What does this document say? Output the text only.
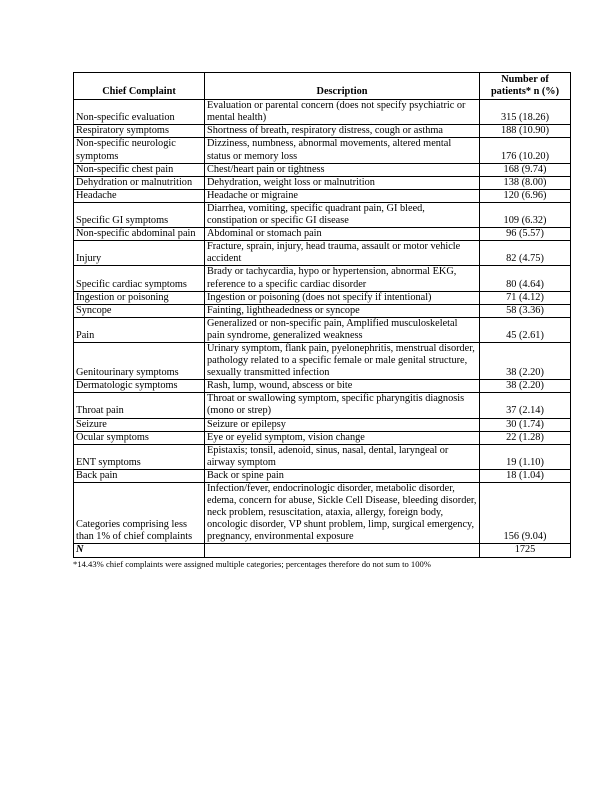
Chief Complaint	Description	Number of patients* n (%)
Non-specific evaluation	Evaluation or parental concern (does not specify psychiatric or mental health)	315 (18.26)
Respiratory symptoms	Shortness of breath, respiratory distress, cough or asthma	188 (10.90)
Non-specific neurologic symptoms	Dizziness, numbness, abnormal movements, altered mental status or memory loss	176 (10.20)
Non-specific chest pain	Chest/heart pain or tightness	168 (9.74)
Dehydration or malnutrition	Dehydration, weight loss or malnutrition	138 (8.00)
Headache	Headache or migraine	120 (6.96)
Specific GI symptoms	Diarrhea, vomiting, specific quadrant pain, GI bleed, constipation or specific GI disease	109 (6.32)
Non-specific abdominal pain	Abdominal or stomach pain	96 (5.57)
Injury	Fracture, sprain, injury, head trauma, assault or motor vehicle accident	82 (4.75)
Specific cardiac symptoms	Brady or tachycardia, hypo or hypertension, abnormal EKG, reference to a specific cardiac disorder	80 (4.64)
Ingestion or poisoning	Ingestion or poisoning (does not specify if intentional)	71 (4.12)
Syncope	Fainting, lightheadedness or syncope	58 (3.36)
Pain	Generalized or non-specific pain, Amplified musculoskeletal pain syndrome, generalized weakness	45 (2.61)
Genitourinary symptoms	Urinary symptom, flank pain, pyelonephritis, menstrual disorder, pathology related to a specific female or male genital structure, sexually transmitted infection	38 (2.20)
Dermatologic symptoms	Rash, lump, wound, abscess or bite	38 (2.20)
Throat pain	Throat or swallowing symptom, specific pharyngitis diagnosis (mono or strep)	37 (2.14)
Seizure	Seizure or epilepsy	30 (1.74)
Ocular symptoms	Eye or eyelid symptom, vision change	22 (1.28)
ENT symptoms	Epistaxis; tonsil, adenoid, sinus, nasal, dental, laryngeal or airway symptom	19 (1.10)
Back pain	Back or spine pain	18 (1.04)
Categories comprising less than 1% of chief complaints	Infection/fever, endocrinologic disorder, metabolic disorder, edema, concern for abuse, Sickle Cell Disease, bleeding disorder, neck problem, resuscitation, ataxia, allergy, foreign body, oncologic disorder, VP shunt problem, limp, surgical emergency, pregnancy, environmental exposure	156 (9.04)
N		1725
*14.43% chief complaints were assigned multiple categories; percentages therefore do not sum to 100%
